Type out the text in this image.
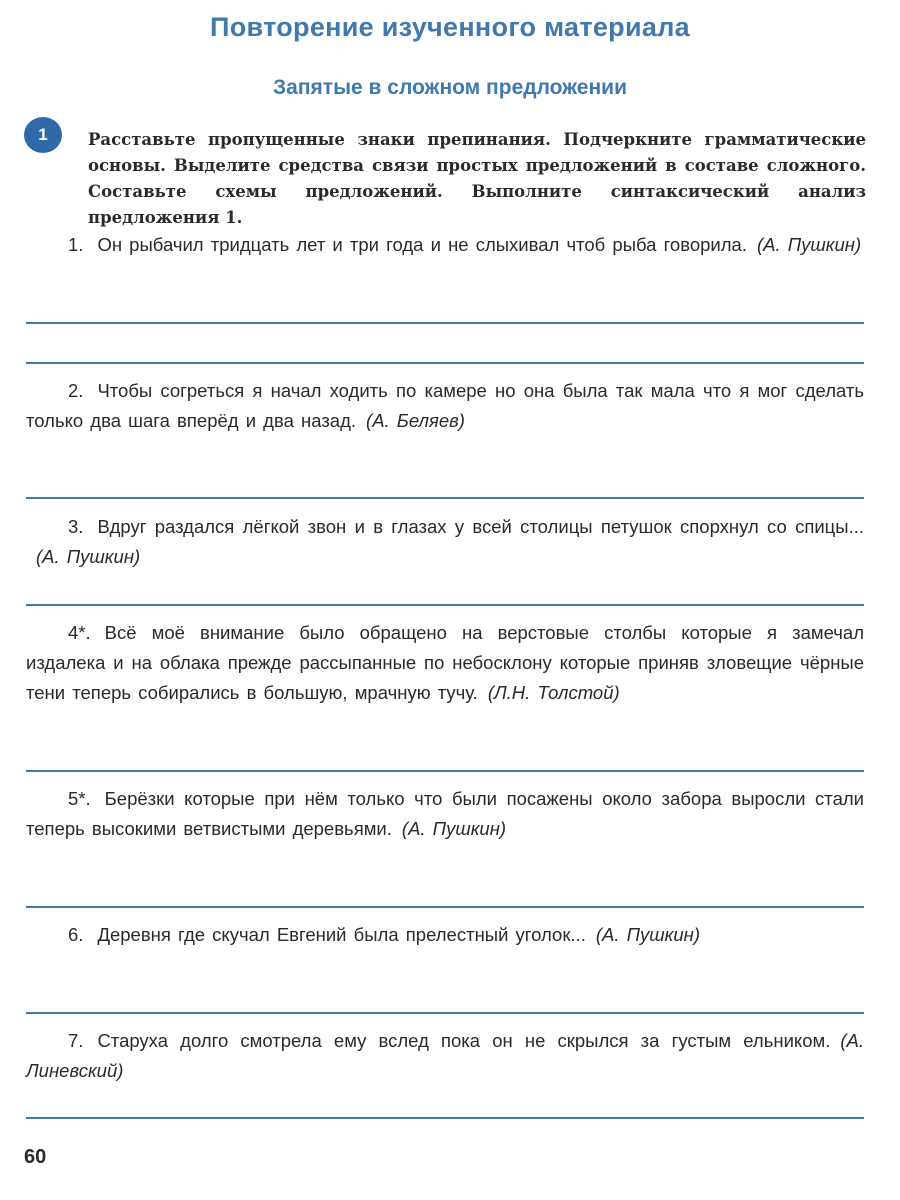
Повторение изученного материала
Запятые в сложном предложении
1	Расставьте пропущенные знаки препинания. Подчеркните грамматические основы. Выделите средства связи простых предложений в составе сложного. Составьте схемы предложений. Выполните синтаксический анализ предложения 1.
1. Он рыбачил тридцать лет и три года и не слыхивал чтоб рыба говорила. (А. Пушкин)
2. Чтобы согреться я начал ходить по камере но она была так мала что я мог сделать только два шага вперёд и два назад. (А. Беляев)
3. Вдруг раздался лёгкой звон и в глазах у всей столицы петушок спорхнул со спицы...(А. Пушкин)
4*. Всё моё внимание было обращено на верстовые столбы которые я замечал издалека и на облака прежде рассыпанные по небосклону которые приняв зловещие чёрные тени теперь собирались в большую, мрачную тучу. (Л.Н. Толстой)
5*. Берёзки которые при нём только что были посажены около забора выросли стали теперь высокими ветвистыми деревьями. (А. Пушкин)
6. Деревня где скучал Евгений была прелестный уголок... (А. Пушкин)
7. Старуха долго смотрела ему вслед пока он не скрылся за густым ельником. (А. Линевский)
60
